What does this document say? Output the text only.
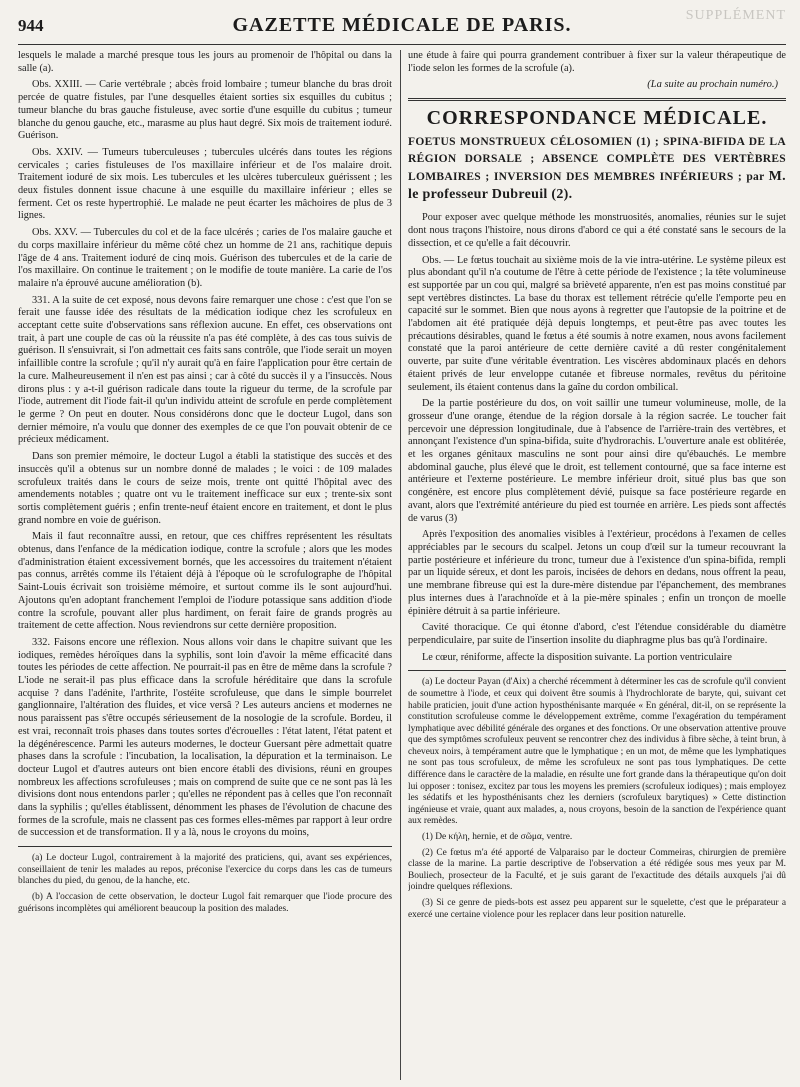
944	GAZETTE MÉDICALE DE PARIS.	SUPPLÉMENT

lesquels le malade a marché presque tous les jours au promenoir de l'hôpital ou dans la salle (a).

Obs. XXIII. — Carie vertébrale ; abcès froid lombaire ; tumeur blanche du bras droit percée de quatre fistules, par l'une desquelles étaient sorties six esquilles du cubitus ; tumeur blanche du bras gauche fistuleuse, avec sortie d'une esquille du cubitus ; tumeur blanche du genou gauche, etc., marasme au plus haut degré. Six mois de traitement ioduré. Guérison.

Obs. XXIV. — Tumeurs tuberculeuses ; tubercules ulcérés dans toutes les régions cervicales ; caries fistuleuses de l'os maxillaire inférieur et de l'os malaire droit. Traitement ioduré de six mois. Les tubercules et les ulcères tuberculeux guérissent ; les deux fistules donnent issue chacune à une esquille du maxillaire inférieur ; elles se ferment. Cet os reste hypertrophié. Le malade ne peut écarter les mâchoires de plus de 3 lignes.

Obs. XXV. — Tubercules du col et de la face ulcérés ; caries de l'os malaire gauche et du corps maxillaire inférieur du même côté chez un homme de 21 ans, rachitique depuis l'âge de 4 ans. Traitement ioduré de cinq mois. Guérison des tubercules et de la carie de l'os maxillaire. On continue le traitement ; on le modifie de toute manière. La carie de l'os malaire n'a éprouvé aucune amélioration (b).

331. A la suite de cet exposé, nous devons faire remarquer une chose : c'est que l'on se ferait une fausse idée des résultats de la médication iodique chez les scrofuleux en acceptant cette suite d'observations sans réflexion aucune. En effet, ces observations ont trait, à part une couple de cas où la réussite n'a pas été complète, à des cas tous suivis de guérison. Il s'ensuivrait, si l'on admettait ces faits sans contrôle, que l'iode serait un moyen infaillible contre la scrofule ; qu'il n'y aurait qu'à en faire l'application pour être certain de la cure. Malheureusement il n'en est pas ainsi ; car à côté du succès il y a l'insuccès. Nous dirons plus : y a-t-il guérison radicale dans toute la rigueur du terme, de la scrofule par l'iode, autrement dit l'iode fait-il qu'un individu atteint de scrofule en perde complètement le germe ? On peut en douter. Nous considérons donc que le docteur Lugol, dans son dernier mémoire, n'a voulu que donner des exemples de ce que l'on pouvait obtenir de ce précieux médicament.

Dans son premier mémoire, le docteur Lugol a établi la statistique des succès et des insuccès qu'il a obtenus sur un nombre donné de malades ; le voici : de 109 malades scrofuleux traités dans le cours de seize mois, trente ont quitté l'hôpital avec des amendements notables ; quatre ont vu le traitement inefficace sur eux ; trente-six sont sortis complètement guéris ; enfin trente-neuf étaient encore en traitement, et dont le plus grand nombre en voie de guérison.

Mais il faut reconnaître aussi, en retour, que ces chiffres représentent les résultats obtenus, dans l'enfance de la médication iodique, contre la scrofule ; alors que les modes d'administration étaient excessivement bornés, que les accessoires du traitement n'étaient pas connus, arrêtés comme ils l'étaient déjà à l'époque où le scrofulographe de l'hôpital Saint-Louis écrivait son troisième mémoire, et surtout comme ils le sont aujourd'hui. Ajoutons qu'en adoptant franchement l'emploi de l'iodure potassique sans addition d'iode contre la scrofule, pouvant aller plus hardiment, on ferait faire de grands progrès au traitement de cette affection. Nous reviendrons sur cette dernière proposition.

332. Faisons encore une réflexion. Nous allons voir dans le chapitre suivant que les iodiques, remèdes héroïques dans la syphilis, sont loin d'avoir la même efficacité dans toutes les périodes de cette affection. Ne pourrait-il pas en être de même dans la scrofule ? L'iode ne serait-il pas plus efficace dans la scrofule héréditaire que dans la scrofule acquise ? dans l'adénite, l'arthrite, l'ostéite scrofuleuse, que dans le simple bourrelet ganglionnaire, l'altération des fluides, et vice versâ ? Les auteurs anciens et modernes ne nous paraissent pas s'être occupés sérieusement de la nosologie de la scrofule. Bordeu, il est vrai, reconnaît trois phases dans toutes sortes d'écrouelles : l'état latent, l'état patent et la dégénérescence. Parmi les auteurs modernes, le docteur Guersant père admettait quatre phases dans la scrofule : l'incubation, la localisation, la dépuration et la terminaison. Le docteur Lugol et d'autres auteurs ont bien encore établi des divisions, réuni en groupes nombreux les affections scrofuleuses ; mais on comprend de suite que ce ne sont pas là les divisions dont nous entendons parler ; qu'elles ne répondent pas à celles que l'on reconnaît dans la syphilis ; qu'elles établissent, dénomment les phases de l'évolution de chacune des formes de la scrofule, mais ne classent pas ces formes elles-mêmes par rapport à leur ordre de succession et de transformation. Il y a là, nous le croyons du moins,

(a) Le docteur Lugol, contrairement à la majorité des praticiens, qui, avant ses expériences, conseillaient de tenir les malades au repos, préconise l'exercice du corps dans les cas de tumeurs blanches du pied, du genou, de la hanche, etc.

(b) A l'occasion de cette observation, le docteur Lugol fait remarquer que l'iode procure des guérisons incomplètes qui améliorent beaucoup la position des malades.

une étude à faire qui pourra grandement contribuer à fixer sur la valeur thérapeutique de l'iode selon les formes de la scrofule (a).

(La suite au prochain numéro.)
CORRESPONDANCE MÉDICALE.
FOETUS MONSTRUEUX CÉLOSOMIEN (1) ; SPINA-BIFIDA DE LA RÉGION DORSALE ; ABSENCE COMPLÈTE DES VERTÈBRES LOMBAIRES ; INVERSION DES MEMBRES INFÉRIEURS ; par M. le professeur Dubreuil (2).

Pour exposer avec quelque méthode les monstruosités, anomalies, réunies sur le sujet dont nous traçons l'histoire, nous dirons d'abord ce qui a été constaté sans le secours de la dissection, et ce qu'elle a fait découvrir.

Obs. — Le fœtus touchait au sixième mois de la vie intra-utérine. Le système pileux est plus abondant qu'il n'a coutume de l'être à cette période de l'existence ; la tête volumineuse est supportée par un cou qui, malgré sa brièveté apparente, n'en est pas moins constitué par sept vertèbres distinctes. La base du thorax est tellement rétrécie qu'elle l'emporte peu en capacité sur le sommet. Bien que nous ayons à regretter que l'autopsie de la poitrine et de l'abdomen ait été pratiquée déjà depuis longtemps, et peut-être pas avec toutes les précautions désirables, quand le fœtus a été soumis à notre examen, nous avons facilement constaté que la paroi antérieure de cette dernière cavité a dû rester congénitalement ouverte, par suite d'une véritable éventration. Les viscères abdominaux placés en dehors étaient privés de leur enveloppe cutanée et fibreuse normales, revêtus du péritoine seulement, ils étaient contenus dans la gaîne du cordon ombilical.

De la partie postérieure du dos, on voit saillir une tumeur volumineuse, molle, de la grosseur d'une orange, étendue de la région dorsale à la région sacrée. Le toucher fait percevoir une dépression longitudinale, due à l'absence de l'arrière-train des vertèbres, et annonçant l'existence d'un spina-bifida, suite d'hydrorachis. L'ouverture anale est oblitérée, et les organes génitaux masculins ne sont pour ainsi dire qu'ébauchés. Le membre abdominal gauche, plus élevé que le droit, est tellement contourné, que sa face interne est antérieure et l'externe postérieure. Le membre inférieur droit, situé plus bas que son congénère, est encore plus complètement dévié, puisque sa face postérieure regarde en avant, alors que l'extrémité antérieure du pied est tournée en arrière. Les pieds sont affectés de varus (3)

Après l'exposition des anomalies visibles à l'extérieur, procédons à l'examen de celles appréciables par le secours du scalpel. Jetons un coup d'œil sur la tumeur recouvrant la partie postérieure et inférieure du tronc, tumeur due à l'existence d'un spina-bifida, rempli par un liquide séreux, et dont les parois, incisées de dehors en dedans, nous offrent la peau, une membrane fibreuse qui est la dure-mère distendue par l'épanchement, des membranes plus internes dues à l'arachnoïde et à la pie-mère spinales ; enfin un tronçon de moelle épinière détruit à sa partie inférieure.

Cavité thoracique. Ce qui étonne d'abord, c'est l'étendue considérable du diamètre perpendiculaire, par suite de l'insertion insolite du diaphragme plus bas qu'à l'ordinaire.

Le cœur, réniforme, affecte la disposition suivante. La portion ventriculaire

(a) Le docteur Payan (d'Aix) a cherché récemment à déterminer les cas de scrofule qu'il convient de soumettre à l'iode, et ceux qui doivent être soumis à l'hydrochlorate de baryte, qui, suivant cet habile praticien, jouit d'une action hyposthénisante marquée « En général, dit-il, on se représente la constitution scrofuleuse comme le développement extrême, comme l'exagération du tempérament lymphatique avec débilité générale des organes et des fonctions. Or une observation attentive prouve que des symptômes scrofuleux peuvent se rencontrer chez des individus à fibre sèche, à teint brun, à cheveux noirs, à tempérament autre que le lymphatique ; en un mot, de même que les lymphatiques ne sont pas tous scrofuleux, de même les scrofuleux ne sont pas tous lymphatiques. De cette différence dans le caractère de la maladie, en résulte une fort grande dans la thérapeutique qu'on doit lui opposer : tonisez, excitez par tous les moyens les premiers (scrofuleux iodiques) ; mais employez les sédatifs et les hyposthénisants chez les derniers (scrofuleux barytiques) » Cette distinction ingénieuse et vraie, quant aux malades, a, nous croyons, besoin de la sanction de l'expérience quant aux remèdes.

(1) De κήλη, hernie, et de σῶμα, ventre.

(2) Ce fœtus m'a été apporté de Valparaiso par le docteur Commeiras, chirurgien de première classe de la marine. La partie descriptive de l'observation a été rédigée sous mes yeux par M. Bouliech, prosecteur de la Faculté, et je suis garant de l'exactitude des détails auxquels j'ai dû joindre quelques réflexions.

(3) Si ce genre de pieds-bots est assez peu apparent sur le squelette, c'est que le préparateur a exercé une certaine violence pour les replacer dans leur position naturelle.
